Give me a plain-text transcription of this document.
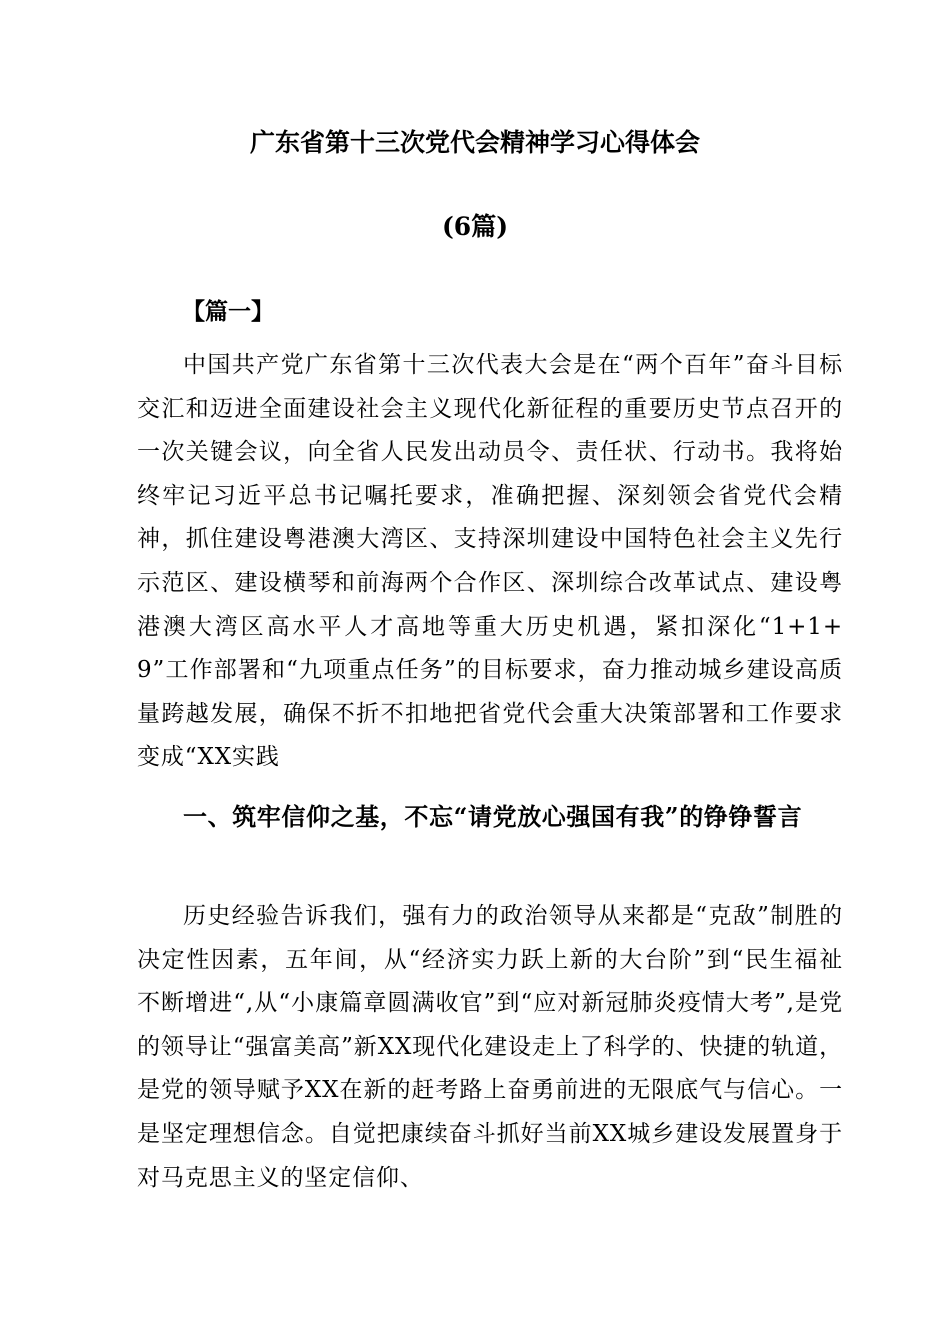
广东省第十三次党代会精神学习心得体会
(6篇)

【篇一】

中国共产党广东省第十三次代表大会是在“两个百年”奋斗目标交汇和迈进全面建设社会主义现代化新征程的重要历史节点召开的一次关键会议，向全省人民发出动员令、责任状、行动书。我将始终牢记习近平总书记嘱托要求，准确把握、深刻领会省党代会精神，抓住建设粤港澳大湾区、支持深圳建设中国特色社会主义先行示范区、建设横琴和前海两个合作区、深圳综合改革试点、建设粤港澳大湾区高水平人才高地等重大历史机遇，紧扣深化“1+1+9”工作部署和“九项重点任务”的目标要求，奋力推动城乡建设高质量跨越发展，确保不折不扣地把省党代会重大决策部署和工作要求变成“XX实践

一、筑牢信仰之基，不忘“请党放心强国有我”的铮铮誓言

历史经验告诉我们，强有力的政治领导从来都是“克敌”制胜的决定性因素，五年间，从“经济实力跃上新的大台阶”到“民生福祉不断增进“,从“小康篇章圆满收官”到“应对新冠肺炎疫情大考”,是党的领导让“强富美高”新XX现代化建设走上了科学的、快捷的轨道，是党的领导赋予XX在新的赶考路上奋勇前进的无限底气与信心。一是坚定理想信念。自觉把康续奋斗抓好当前XX城乡建设发展置身于对马克思主义的坚定信仰、
